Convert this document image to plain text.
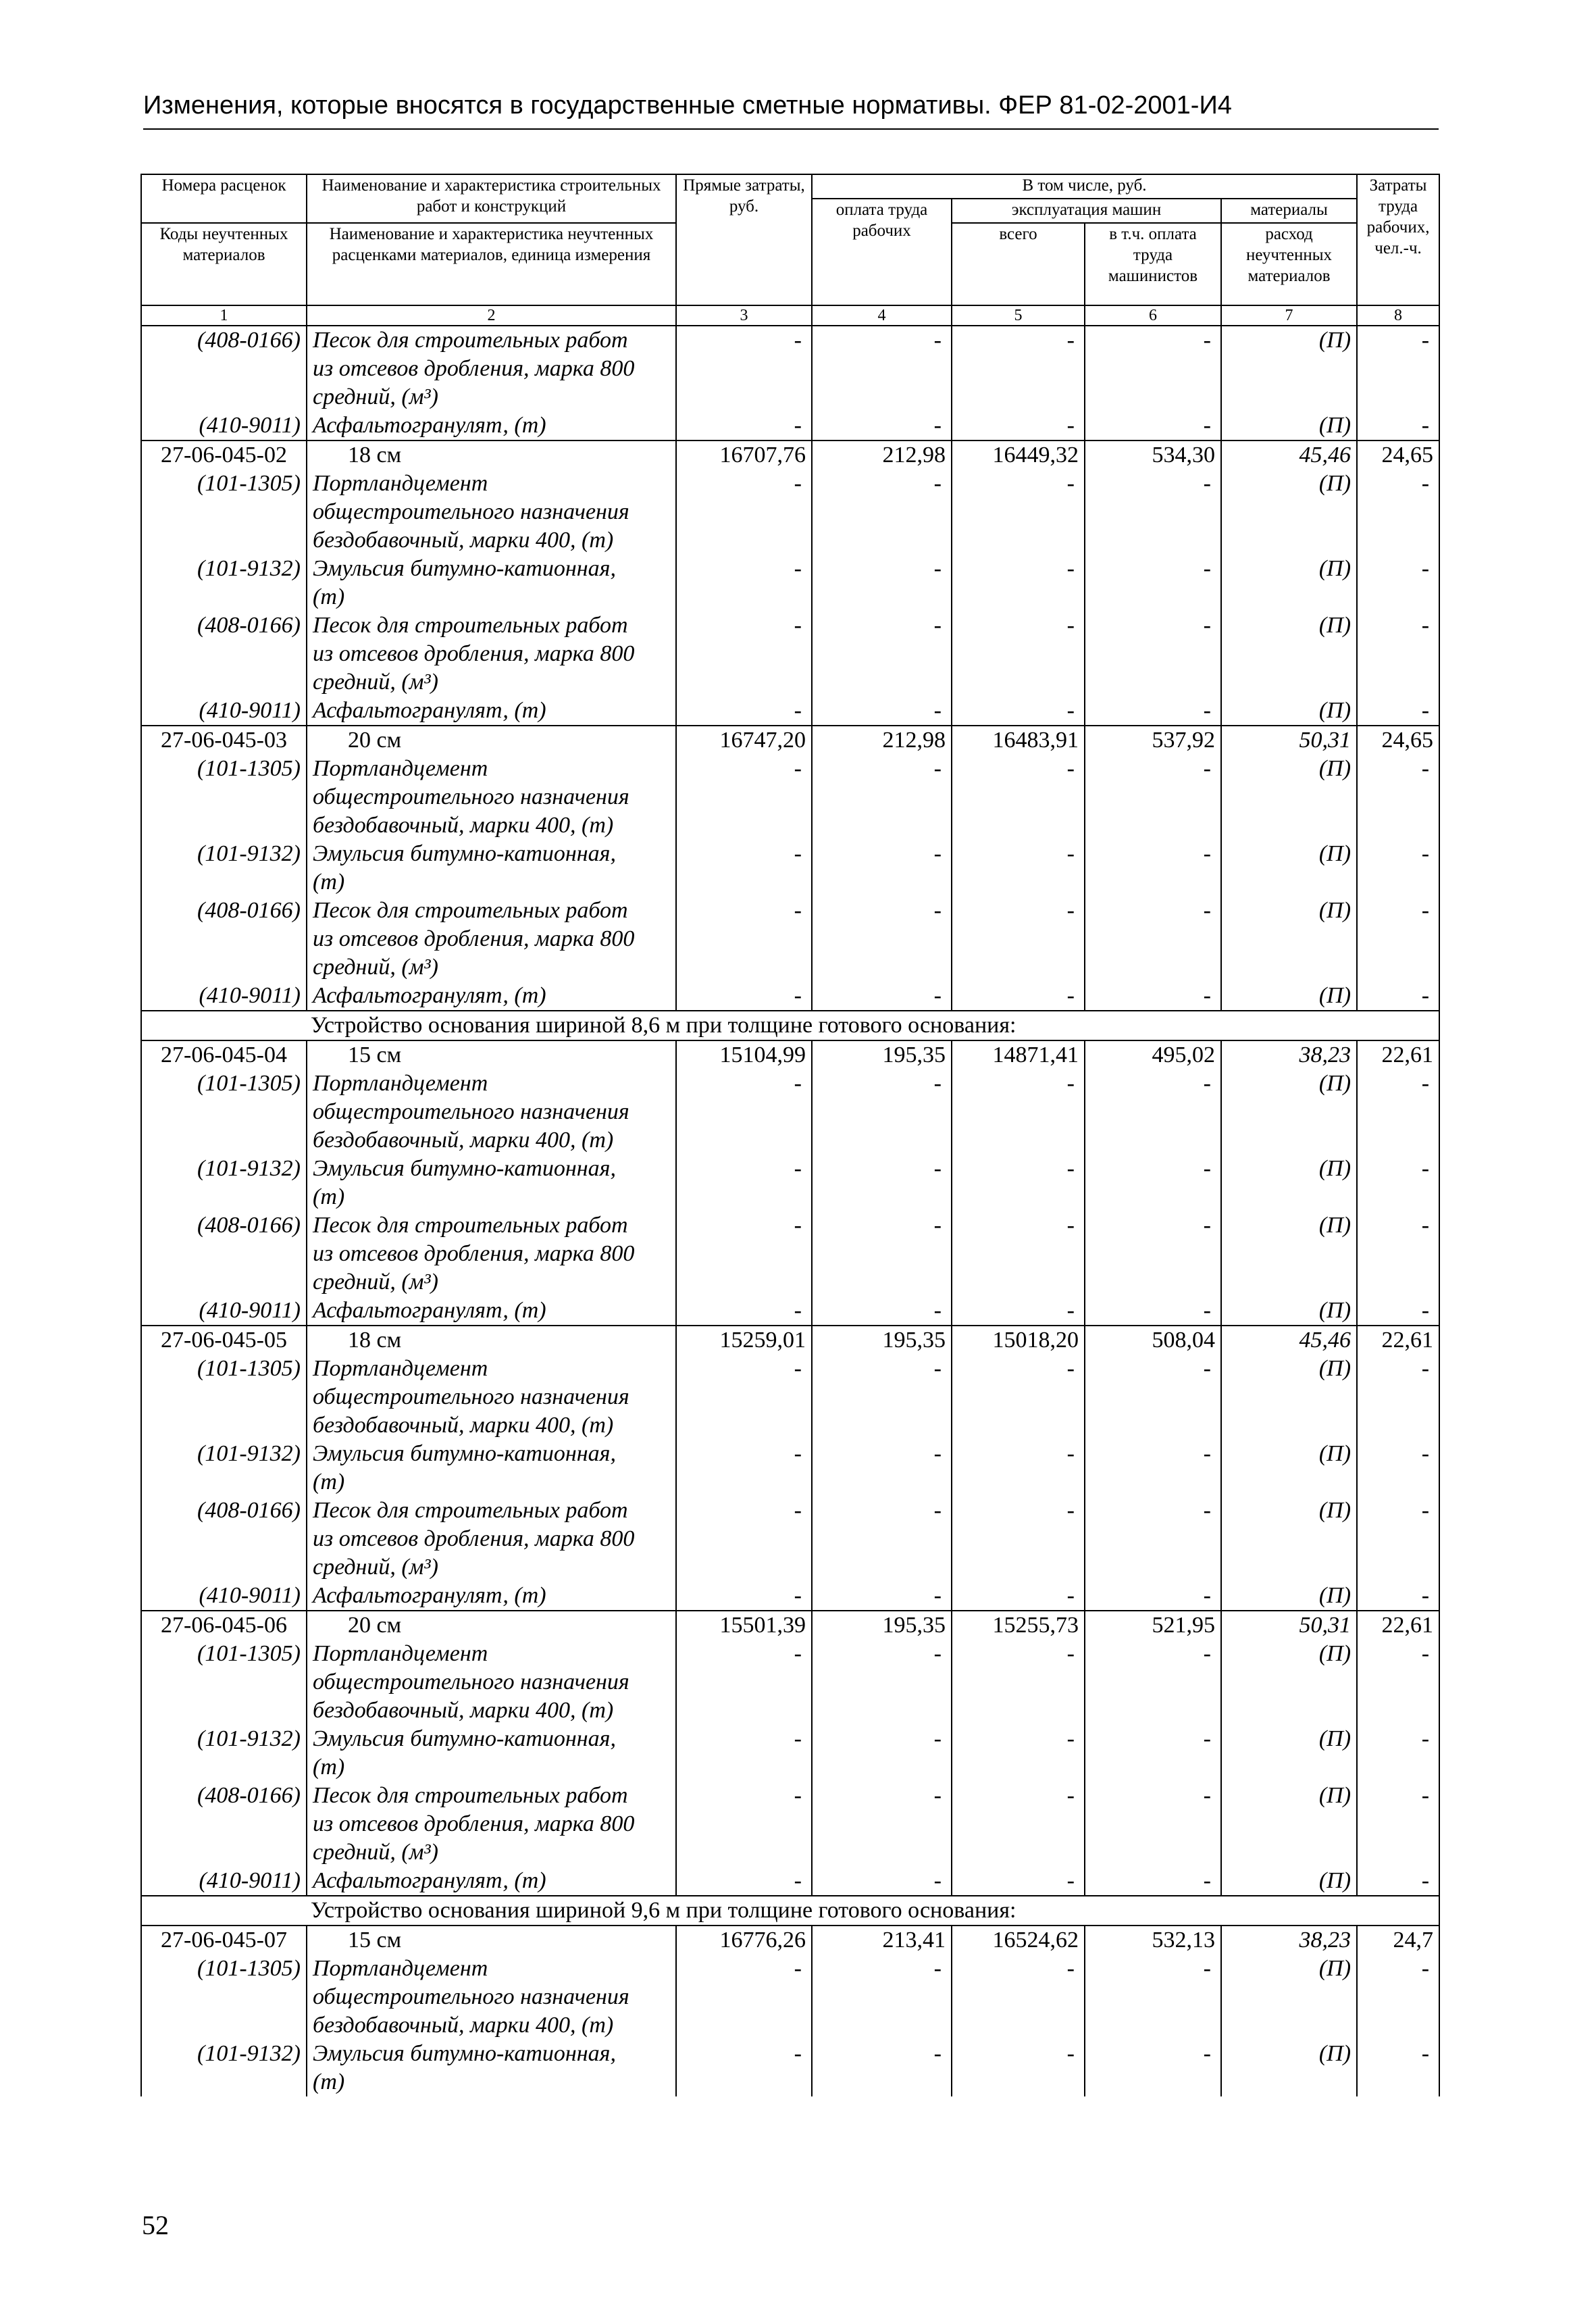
Изменения, которые вносятся в государственные сметные нормативы. ФЕР 81-02-2001-И4
Номера расценок	Наименование и характеристика строительных работ и конструкций	Прямые затраты, руб.	В том числе, руб.				Затраты труда рабочих, чел.-ч.
			оплата труда рабочих	эксплуатация машин		материалы	
Коды неучтенных материалов	Наименование и характеристика неучтенных расценками материалов, единица измерения			всего	в т.ч. оплата труда машинистов	расход неучтенных материалов	
1	2	3	4	5	6	7	8
(408-0166)	Песок для строительных работ
из отсевов дробления, марка 800
средний, (м³)	-	-	-	-	(П)	-
(410-9011)	Асфальтогранулят, (т)	-	-	-	-	(П)	-
27-06-045-02	18 см	16707,76	212,98	16449,32	534,30	45,46	24,65
(101-1305)	Портландцемент
общестроительного назначения
бездобавочный, марки 400, (т)	-	-	-	-	(П)	-
(101-9132)	Эмульсия битумно-катионная,
(т)	-	-	-	-	(П)	-
(408-0166)	Песок для строительных работ
из отсевов дробления, марка 800
средний, (м³)	-	-	-	-	(П)	-
(410-9011)	Асфальтогранулят, (т)	-	-	-	-	(П)	-
27-06-045-03	20 см	16747,20	212,98	16483,91	537,92	50,31	24,65
(101-1305)	Портландцемент
общестроительного назначения
бездобавочный, марки 400, (т)	-	-	-	-	(П)	-
(101-9132)	Эмульсия битумно-катионная,
(т)	-	-	-	-	(П)	-
(408-0166)	Песок для строительных работ
из отсевов дробления, марка 800
средний, (м³)	-	-	-	-	(П)	-
(410-9011)	Асфальтогранулят, (т)	-	-	-	-	(П)	-
Устройство основания шириной 8,6 м при толщине готового основания:							
27-06-045-04	15 см	15104,99	195,35	14871,41	495,02	38,23	22,61
(101-1305)	Портландцемент
общестроительного назначения
бездобавочный, марки 400, (т)	-	-	-	-	(П)	-
(101-9132)	Эмульсия битумно-катионная,
(т)	-	-	-	-	(П)	-
(408-0166)	Песок для строительных работ
из отсевов дробления, марка 800
средний, (м³)	-	-	-	-	(П)	-
(410-9011)	Асфальтогранулят, (т)	-	-	-	-	(П)	-
27-06-045-05	18 см	15259,01	195,35	15018,20	508,04	45,46	22,61
(101-1305)	Портландцемент
общестроительного назначения
бездобавочный, марки 400, (т)	-	-	-	-	(П)	-
(101-9132)	Эмульсия битумно-катионная,
(т)	-	-	-	-	(П)	-
(408-0166)	Песок для строительных работ
из отсевов дробления, марка 800
средний, (м³)	-	-	-	-	(П)	-
(410-9011)	Асфальтогранулят, (т)	-	-	-	-	(П)	-
27-06-045-06	20 см	15501,39	195,35	15255,73	521,95	50,31	22,61
(101-1305)	Портландцемент
общестроительного назначения
бездобавочный, марки 400, (т)	-	-	-	-	(П)	-
(101-9132)	Эмульсия битумно-катионная,
(т)	-	-	-	-	(П)	-
(408-0166)	Песок для строительных работ
из отсевов дробления, марка 800
средний, (м³)	-	-	-	-	(П)	-
(410-9011)	Асфальтогранулят, (т)	-	-	-	-	(П)	-
Устройство основания шириной 9,6 м при толщине готового основания:							
27-06-045-07	15 см	16776,26	213,41	16524,62	532,13	38,23	24,7
(101-1305)	Портландцемент
общестроительного назначения
бездобавочный, марки 400, (т)	-	-	-	-	(П)	-
(101-9132)	Эмульсия битумно-катионная,
(т)	-	-	-	-	(П)	-
52
